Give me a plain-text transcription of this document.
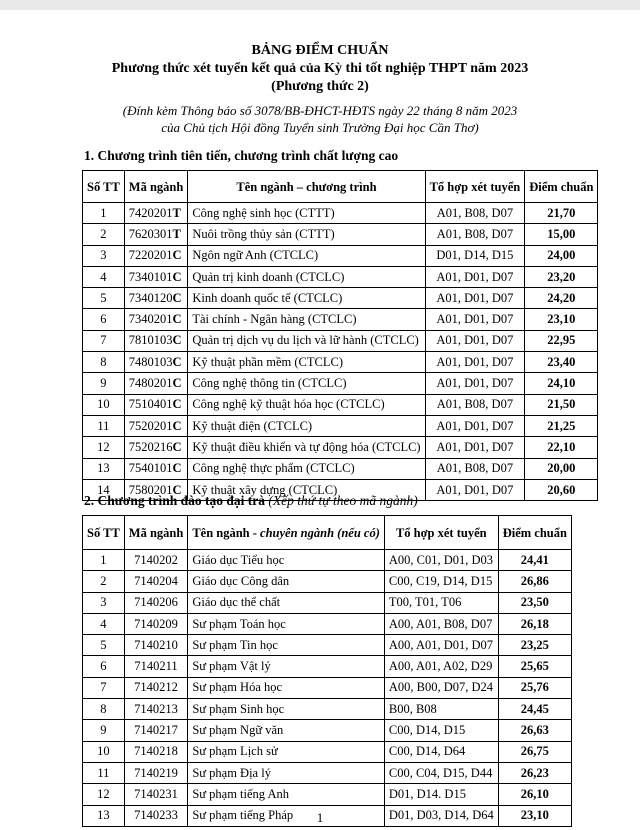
BẢNG ĐIỂM CHUẨN
Phương thức xét tuyển kết quả của Kỳ thi tốt nghiệp THPT năm 2023
(Phương thức 2)
(Đính kèm Thông báo số 3078/BB-ĐHCT-HĐTS ngày 22 tháng 8 năm 2023
của Chủ tịch Hội đồng Tuyển sinh Trường Đại học Cần Thơ)
1. Chương trình tiên tiến, chương trình chất lượng cao
Số TT	Mã ngành	Tên ngành – chương trình	Tổ hợp xét tuyển	Điểm chuẩn
1	7420201T	Công nghệ sinh học (CTTT)	A01, B08, D07	21,70
2	7620301T	Nuôi trồng thủy sản (CTTT)	A01, B08, D07	15,00
3	7220201C	Ngôn ngữ Anh (CTCLC)	D01, D14, D15	24,00
4	7340101C	Quản trị kinh doanh (CTCLC)	A01, D01, D07	23,20
5	7340120C	Kinh doanh quốc tế (CTCLC)	A01, D01, D07	24,20
6	7340201C	Tài chính - Ngân hàng (CTCLC)	A01, D01, D07	23,10
7	7810103C	Quản trị dịch vụ du lịch và lữ hành (CTCLC)	A01, D01, D07	22,95
8	7480103C	Kỹ thuật phần mềm (CTCLC)	A01, D01, D07	23,40
9	7480201C	Công nghệ thông tin (CTCLC)	A01, D01, D07	24,10
10	7510401C	Công nghệ kỹ thuật hóa học (CTCLC)	A01, B08, D07	21,50
11	7520201C	Kỹ thuật điện (CTCLC)	A01, D01, D07	21,25
12	7520216C	Kỹ thuật điều khiển và tự động hóa (CTCLC)	A01, D01, D07	22,10
13	7540101C	Công nghệ thực phẩm (CTCLC)	A01, B08, D07	20,00
14	7580201C	Kỹ thuật xây dựng (CTCLC)	A01, D01, D07	20,60
2. Chương trình đào tạo đại trà (Xếp thứ tự theo mã ngành)
Số TT	Mã ngành	Tên ngành - chuyên ngành (nếu có)	Tổ hợp xét tuyển	Điểm chuẩn
1	7140202	Giáo dục Tiểu học	A00, C01, D01, D03	24,41
2	7140204	Giáo dục Công dân	C00, C19, D14, D15	26,86
3	7140206	Giáo dục thể chất	T00, T01, T06	23,50
4	7140209	Sư phạm Toán học	A00, A01, B08, D07	26,18
5	7140210	Sư phạm Tin học	A00, A01, D01, D07	23,25
6	7140211	Sư phạm Vật lý	A00, A01, A02, D29	25,65
7	7140212	Sư phạm Hóa học	A00, B00, D07, D24	25,76
8	7140213	Sư phạm Sinh học	B00, B08	24,45
9	7140217	Sư phạm Ngữ văn	C00, D14, D15	26,63
10	7140218	Sư phạm Lịch sử	C00, D14, D64	26,75
11	7140219	Sư phạm Địa lý	C00, C04, D15, D44	26,23
12	7140231	Sư phạm tiếng Anh	D01, D14. D15	26,10
13	7140233	Sư phạm tiếng Pháp	D01, D03, D14, D64	23,10
1
